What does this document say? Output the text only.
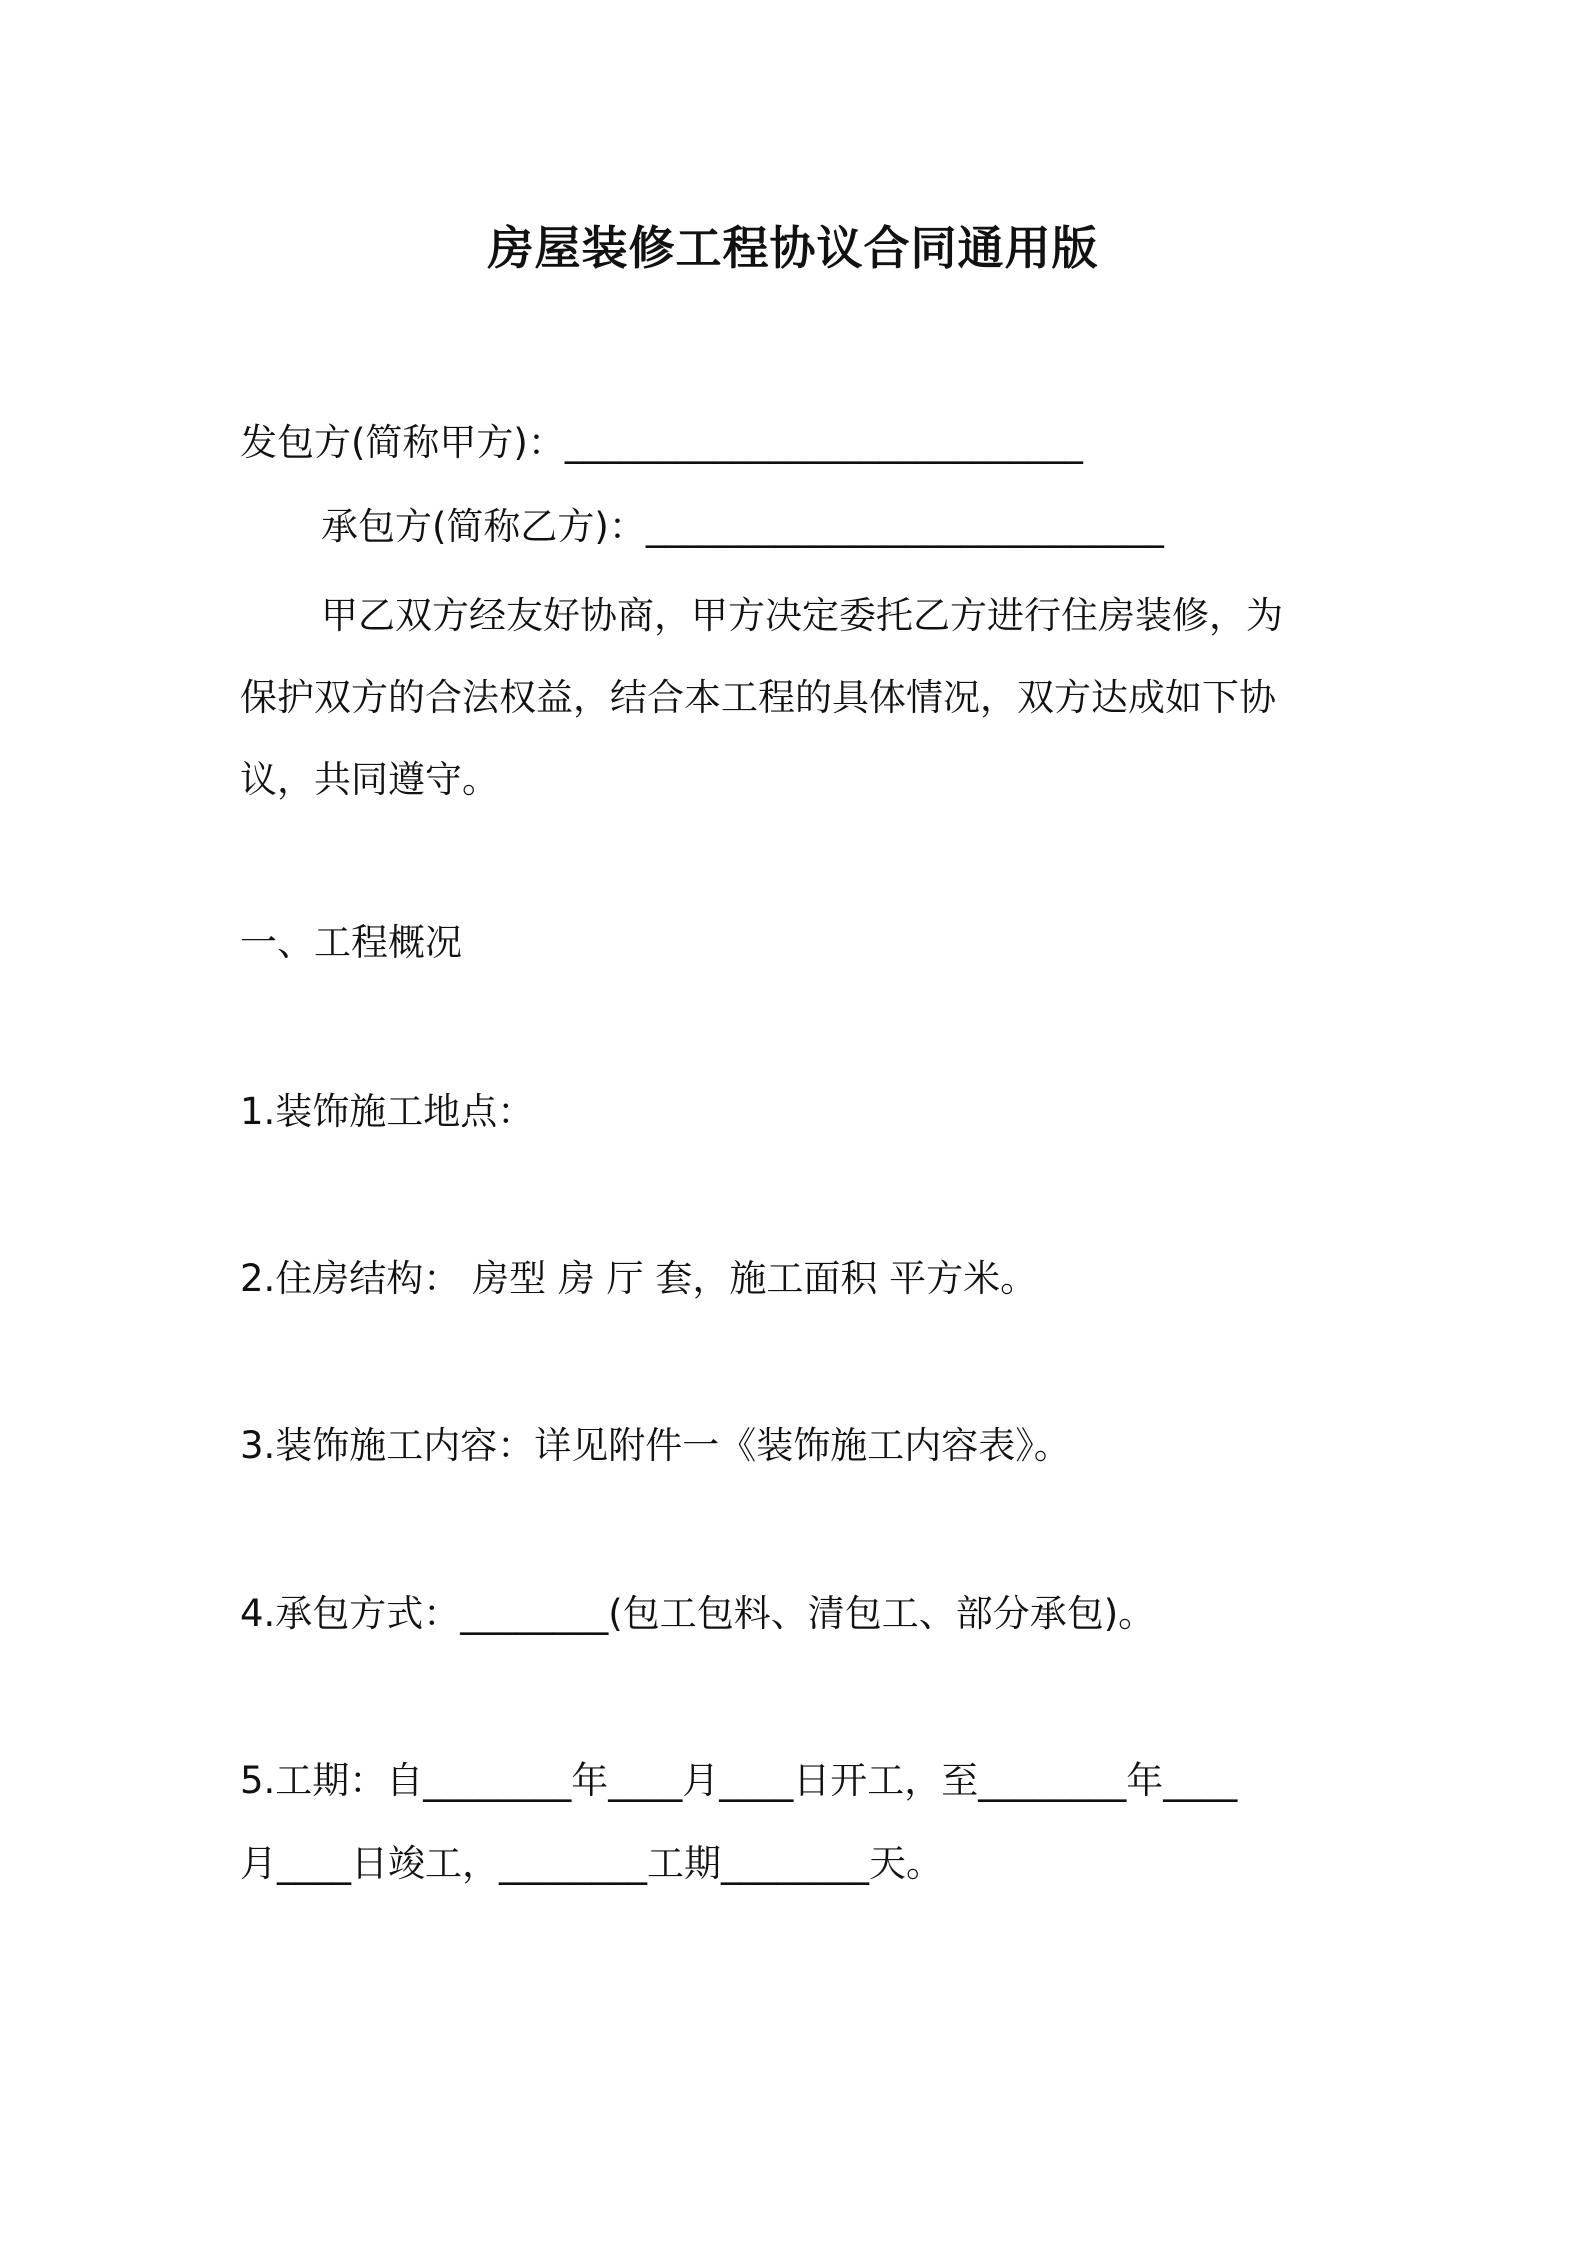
房屋装修工程协议合同通用版
发包方(简称甲方)：____________________________
承包方(简称乙方)：____________________________
甲乙双方经友好协商，甲方决定委托乙方进行住房装修，为
保护双方的合法权益，结合本工程的具体情况，双方达成如下协
议，共同遵守。
一、工程概况
1.装饰施工地点：
2.住房结构： 房型 房 厅 套，施工面积 平方米。
3.装饰施工内容：详见附件一《装饰施工内容表》。
4.承包方式：________(包工包料、清包工、部分承包)。
5.工期：自________年____月____日开工，至________年____
月____日竣工，________工期________天。
